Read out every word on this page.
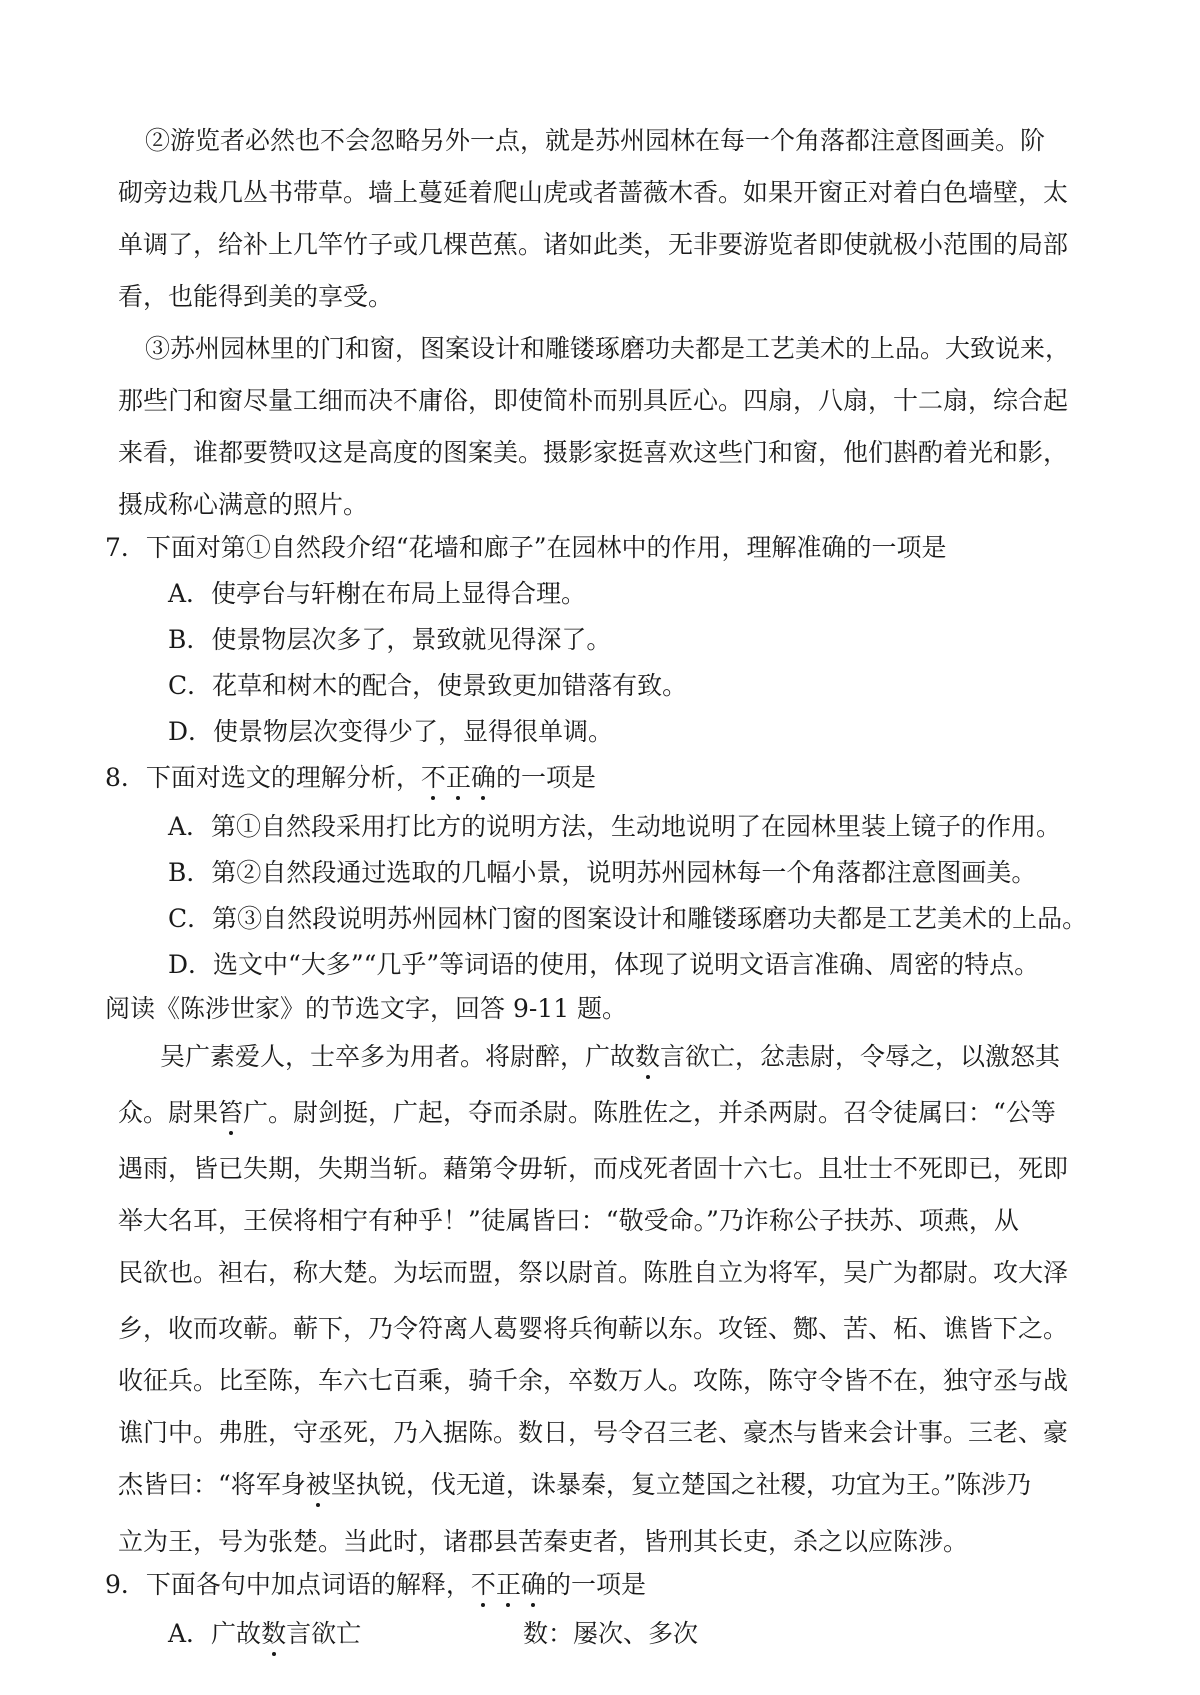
②游览者必然也不会忽略另外一点，就是苏州园林在每一个角落都注意图画美。阶
砌旁边栽几丛书带草。墙上蔓延着爬山虎或者蔷薇木香。如果开窗正对着白色墙壁，太
单调了，给补上几竿竹子或几棵芭蕉。诸如此类，无非要游览者即使就极小范围的局部
看，也能得到美的享受。
③苏州园林里的门和窗，图案设计和雕镂琢磨功夫都是工艺美术的上品。大致说来，
那些门和窗尽量工细而决不庸俗，即使简朴而别具匠心。四扇，八扇，十二扇，综合起
来看，谁都要赞叹这是高度的图案美。摄影家挺喜欢这些门和窗，他们斟酌着光和影，
摄成称心满意的照片。
7．下面对第①自然段介绍“花墙和廊子”在园林中的作用，理解准确的一项是
A．使亭台与轩榭在布局上显得合理。
B．使景物层次多了，景致就见得深了。
C．花草和树木的配合，使景致更加错落有致。
D．使景物层次变得少了，显得很单调。
8．下面对选文的理解分析，不正确的一项是
A．第①自然段采用打比方的说明方法，生动地说明了在园林里装上镜子的作用。
B．第②自然段通过选取的几幅小景，说明苏州园林每一个角落都注意图画美。
C．第③自然段说明苏州园林门窗的图案设计和雕镂琢磨功夫都是工艺美术的上品。
D．选文中“大多”“几乎”等词语的使用，体现了说明文语言准确、周密的特点。
阅读《陈涉世家》的节选文字，回答 9-11 题。
吴广素爱人，士卒多为用者。将尉醉，广故数言欲亡，忿恚尉，令辱之，以激怒其
众。尉果笞广。尉剑挺，广起，夺而杀尉。陈胜佐之，并杀两尉。召令徒属曰：“公等
遇雨，皆已失期，失期当斩。藉第令毋斩，而戍死者固十六七。且壮士不死即已，死即
举大名耳，王侯将相宁有种乎！”徒属皆曰：“敬受命。”乃诈称公子扶苏、项燕，从
民欲也。袒右，称大楚。为坛而盟，祭以尉首。陈胜自立为将军，吴广为都尉。攻大泽
乡，收而攻蕲。蕲下，乃令符离人葛婴将兵徇蕲以东。攻铚、酂、苦、柘、谯皆下之。
收征兵。比至陈，车六七百乘，骑千余，卒数万人。攻陈，陈守令皆不在，独守丞与战
谯门中。弗胜，守丞死，乃入据陈。数日，号令召三老、豪杰与皆来会计事。三老、豪
杰皆曰：“将军身被坚执锐，伐无道，诛暴秦，复立楚国之社稷，功宜为王。”陈涉乃
立为王，号为张楚。当此时，诸郡县苦秦吏者，皆刑其长吏，杀之以应陈涉。
9．下面各句中加点词语的解释，不正确的一项是
A．广故数言欲亡	数：屡次、多次
